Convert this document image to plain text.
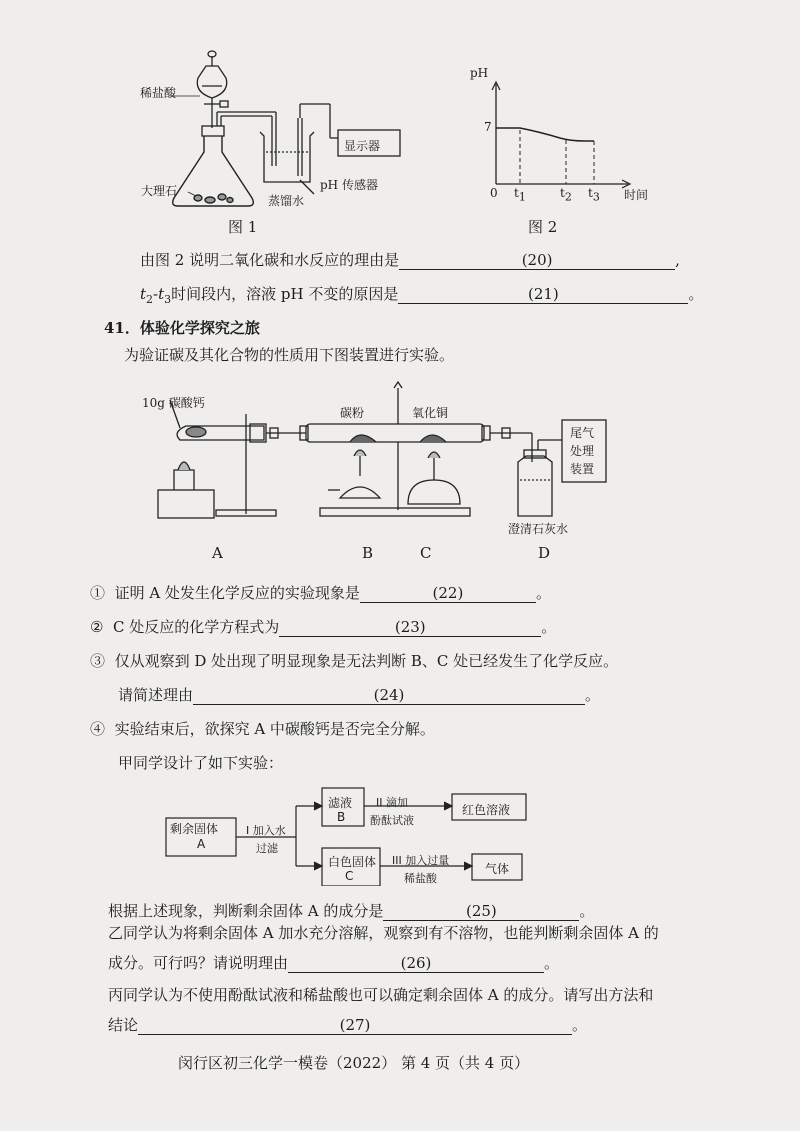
稀盐酸
大理石
蒸馏水
pH 传感器
显示器
图 1
pH
7
0 $t_1$	$t_2$ $t_3$ 时间
图 2
由图 2 说明二氧化碳和水反应的理由是	(20)	,
$t_2-t_3$时间段内，溶液 pH 不变的原因是	(21)	。
41．体验化学探究之旅
为验证碳及其化合物的性质用下图装置进行实验。
10g 碳酸钙
碳粉	氧化铜
尾气
处理
装置
澄清石灰水
A	B	C	D
① 证明 A 处发生化学反应的实验现象是	(22)	。
② C 处反应的化学方程式为	(23)	。
③ 仅从观察到 D 处出现了明显现象是无法判断 B、C 处已经发生了化学反应。
请简述理由	(24)	。
④ 实验结束后，欲探究 A 中碳酸钙是否完全分解。
甲同学设计了如下实验：
剩余固体
A
I 加入水
过滤
滤液
B
II 滴加
酚酞试液
红色溶液
白色固体
C
III 加入过量
稀盐酸
气体
根据上述现象，判断剩余固体 A 的成分是	(25)	。
乙同学认为将剩余固体 A 加水充分溶解，观察到有不溶物，也能判断剩余固体 A 的
成分。可行吗？请说明理由	(26)	。
丙同学认为不使用酚酞试液和稀盐酸也可以确定剩余固体 A 的成分。请写出方法和
结论	(27)	。
闵行区初三化学一模卷（2022） 第 4 页（共 4 页）
